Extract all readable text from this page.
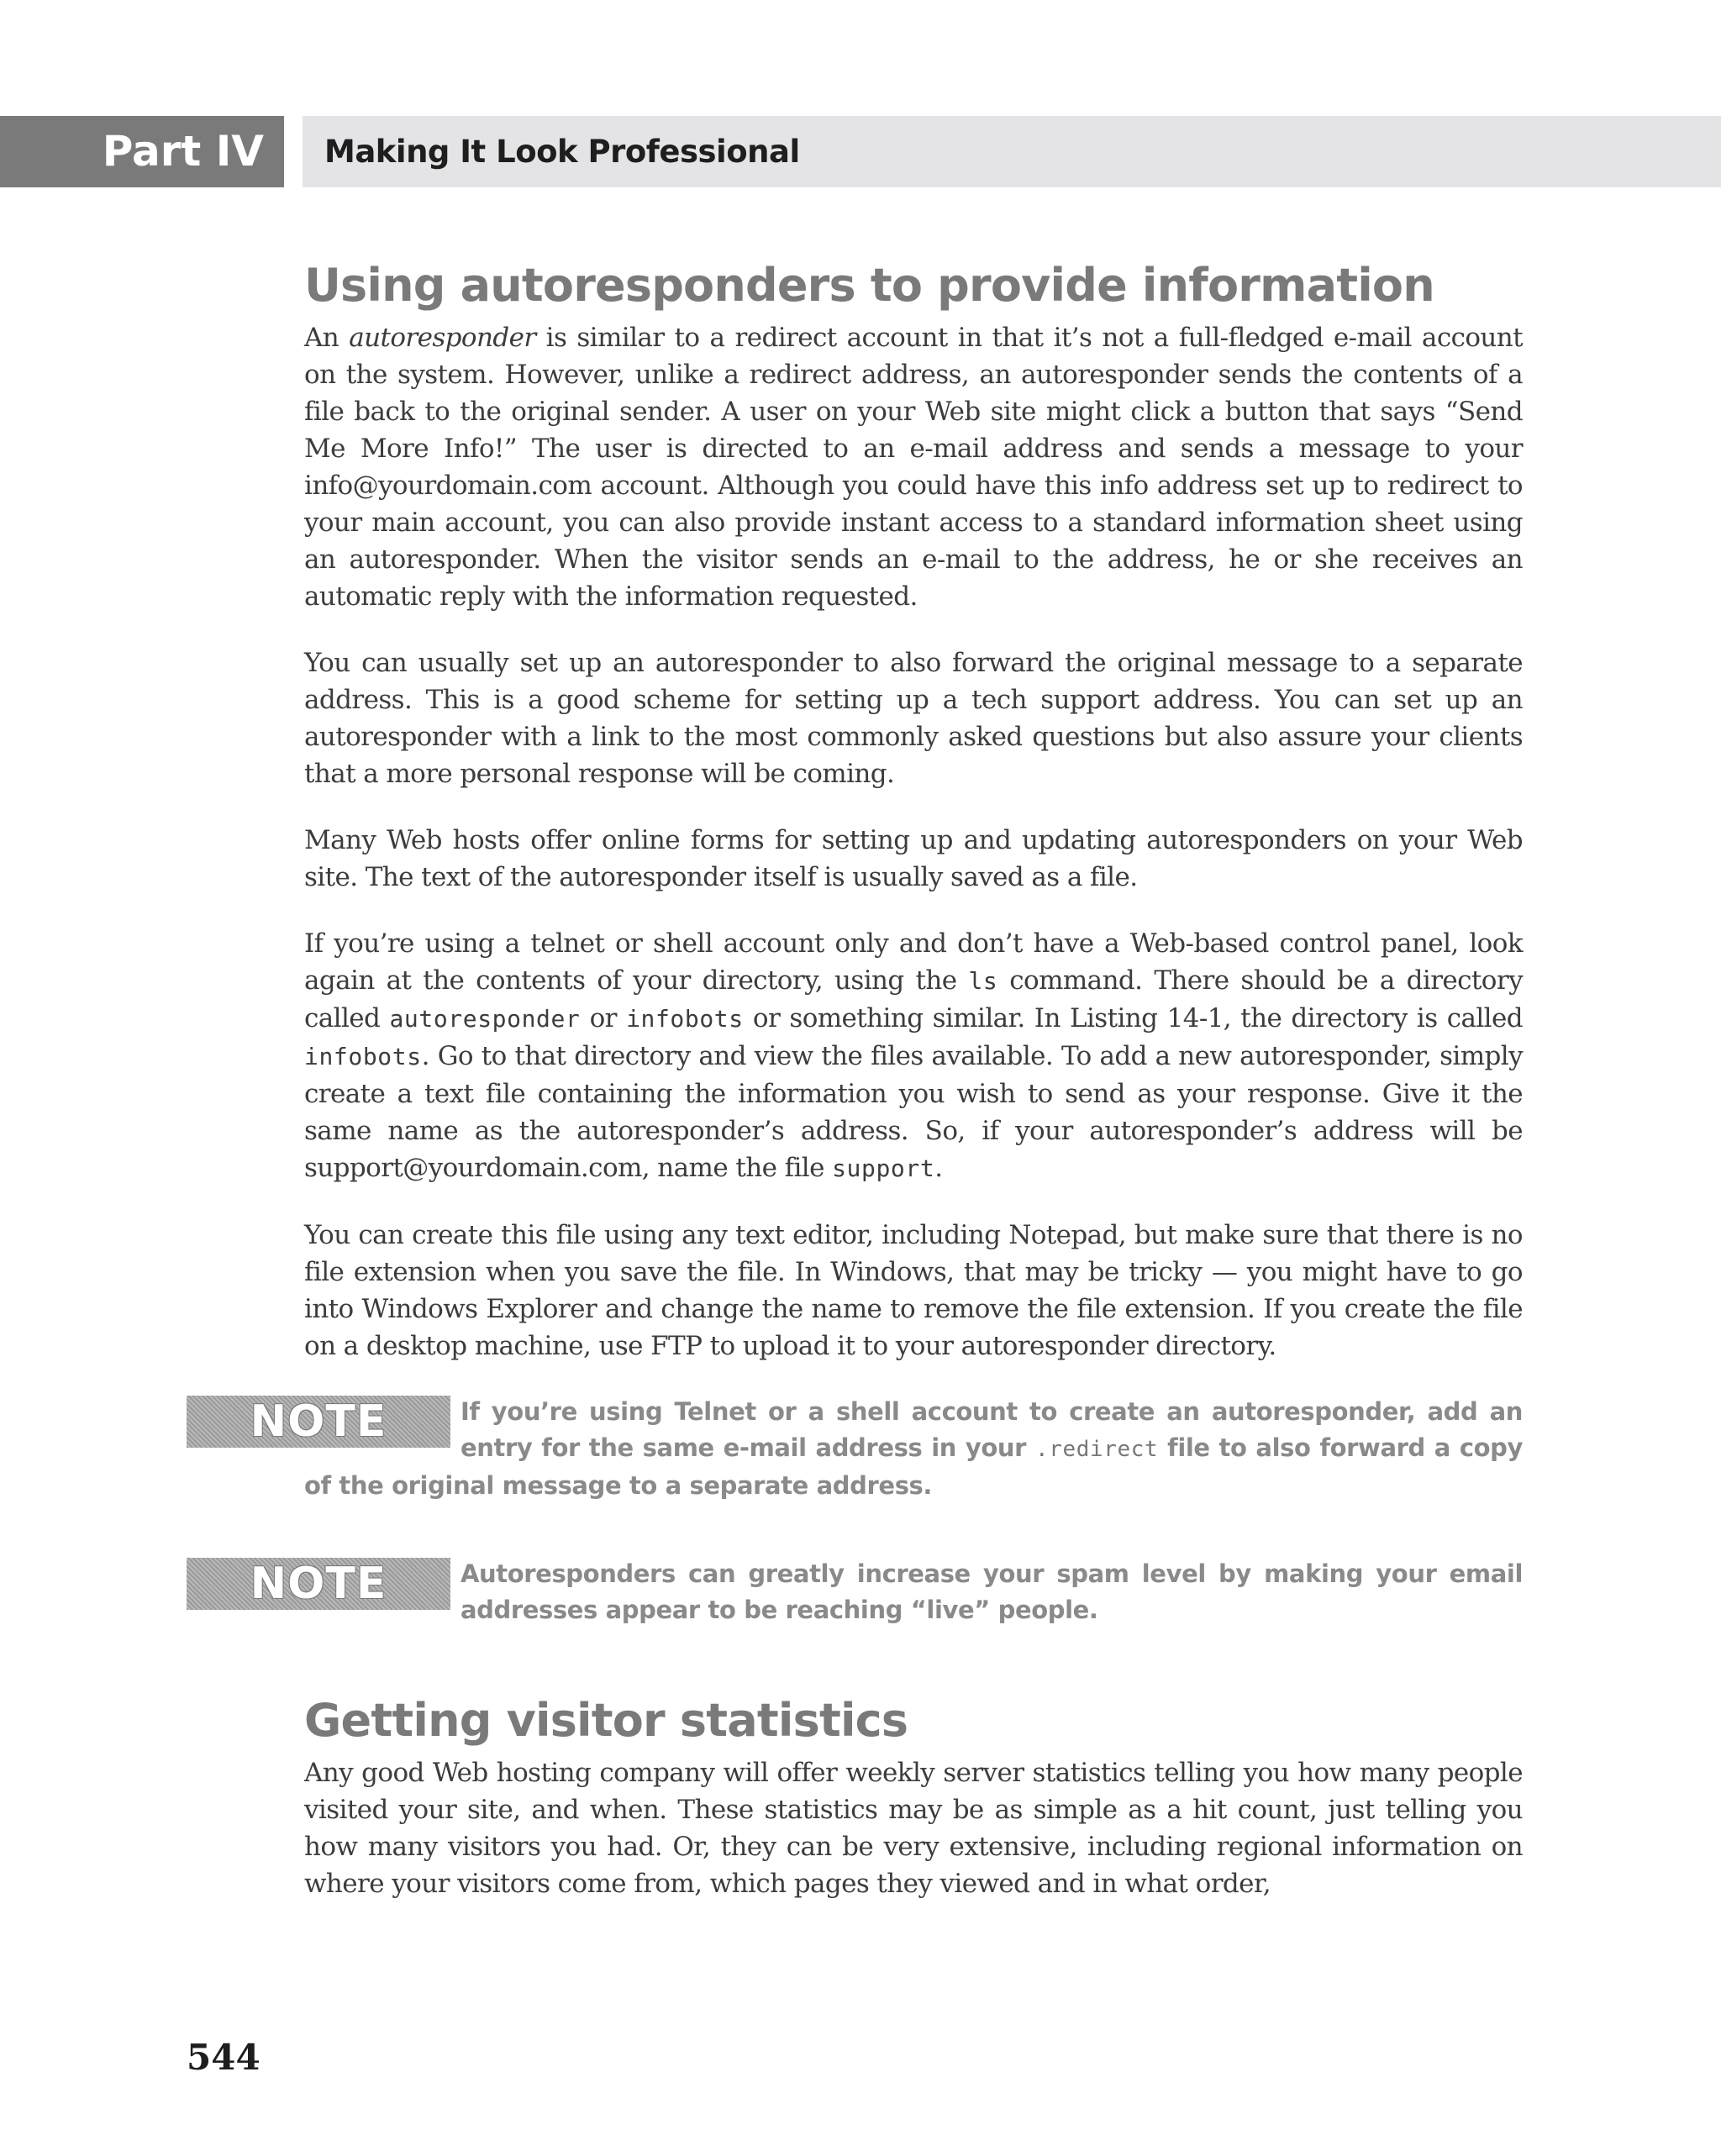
Part IV	Making It Look Professional
Using autoresponders to provide information

An autoresponder is similar to a redirect account in that it’s not a full-fledged e-mail account on the system. However, unlike a redirect address, an autoresponder sends the contents of a file back to the original sender. A user on your Web site might click a button that says “Send Me More Info!” The user is directed to an e-mail address and sends a message to your info@yourdomain.com account. Although you could have this info address set up to redirect to your main account, you can also provide instant access to a standard information sheet using an autoresponder. When the visitor sends an e-mail to the address, he or she receives an automatic reply with the information requested.

You can usually set up an autoresponder to also forward the original message to a separate address. This is a good scheme for setting up a tech support address. You can set up an autoresponder with a link to the most commonly asked questions but also assure your clients that a more personal response will be coming.

Many Web hosts offer online forms for setting up and updating autoresponders on your Web site. The text of the autoresponder itself is usually saved as a file.

If you’re using a telnet or shell account only and don’t have a Web-based control panel, look again at the contents of your directory, using the ls command. There should be a directory called autoresponder or infobots or something similar. In Listing 14-1, the directory is called infobots. Go to that directory and view the files available. To add a new autoresponder, simply create a text file containing the information you wish to send as your response. Give it the same name as the autoresponder’s address. So, if your autoresponder’s address will be support@yourdomain.com, name the file support.

You can create this file using any text editor, including Notepad, but make sure that there is no file extension when you save the file. In Windows, that may be tricky — you might have to go into Windows Explorer and change the name to remove the file extension. If you create the file on a desktop machine, use FTP to upload it to your autoresponder directory.

NOTE	If you’re using Telnet or a shell account to create an autoresponder, add an entry for the same e-mail address in your .redirect file to also forward a copy of the original message to a separate address.
NOTE	Autoresponders can greatly increase your spam level by making your email addresses appear to be reaching “live” people.
Getting visitor statistics

Any good Web hosting company will offer weekly server statistics telling you how many people visited your site, and when. These statistics may be as simple as a hit count, just telling you how many visitors you had. Or, they can be very extensive, including regional information on where your visitors come from, which pages they viewed and in what order,

544
